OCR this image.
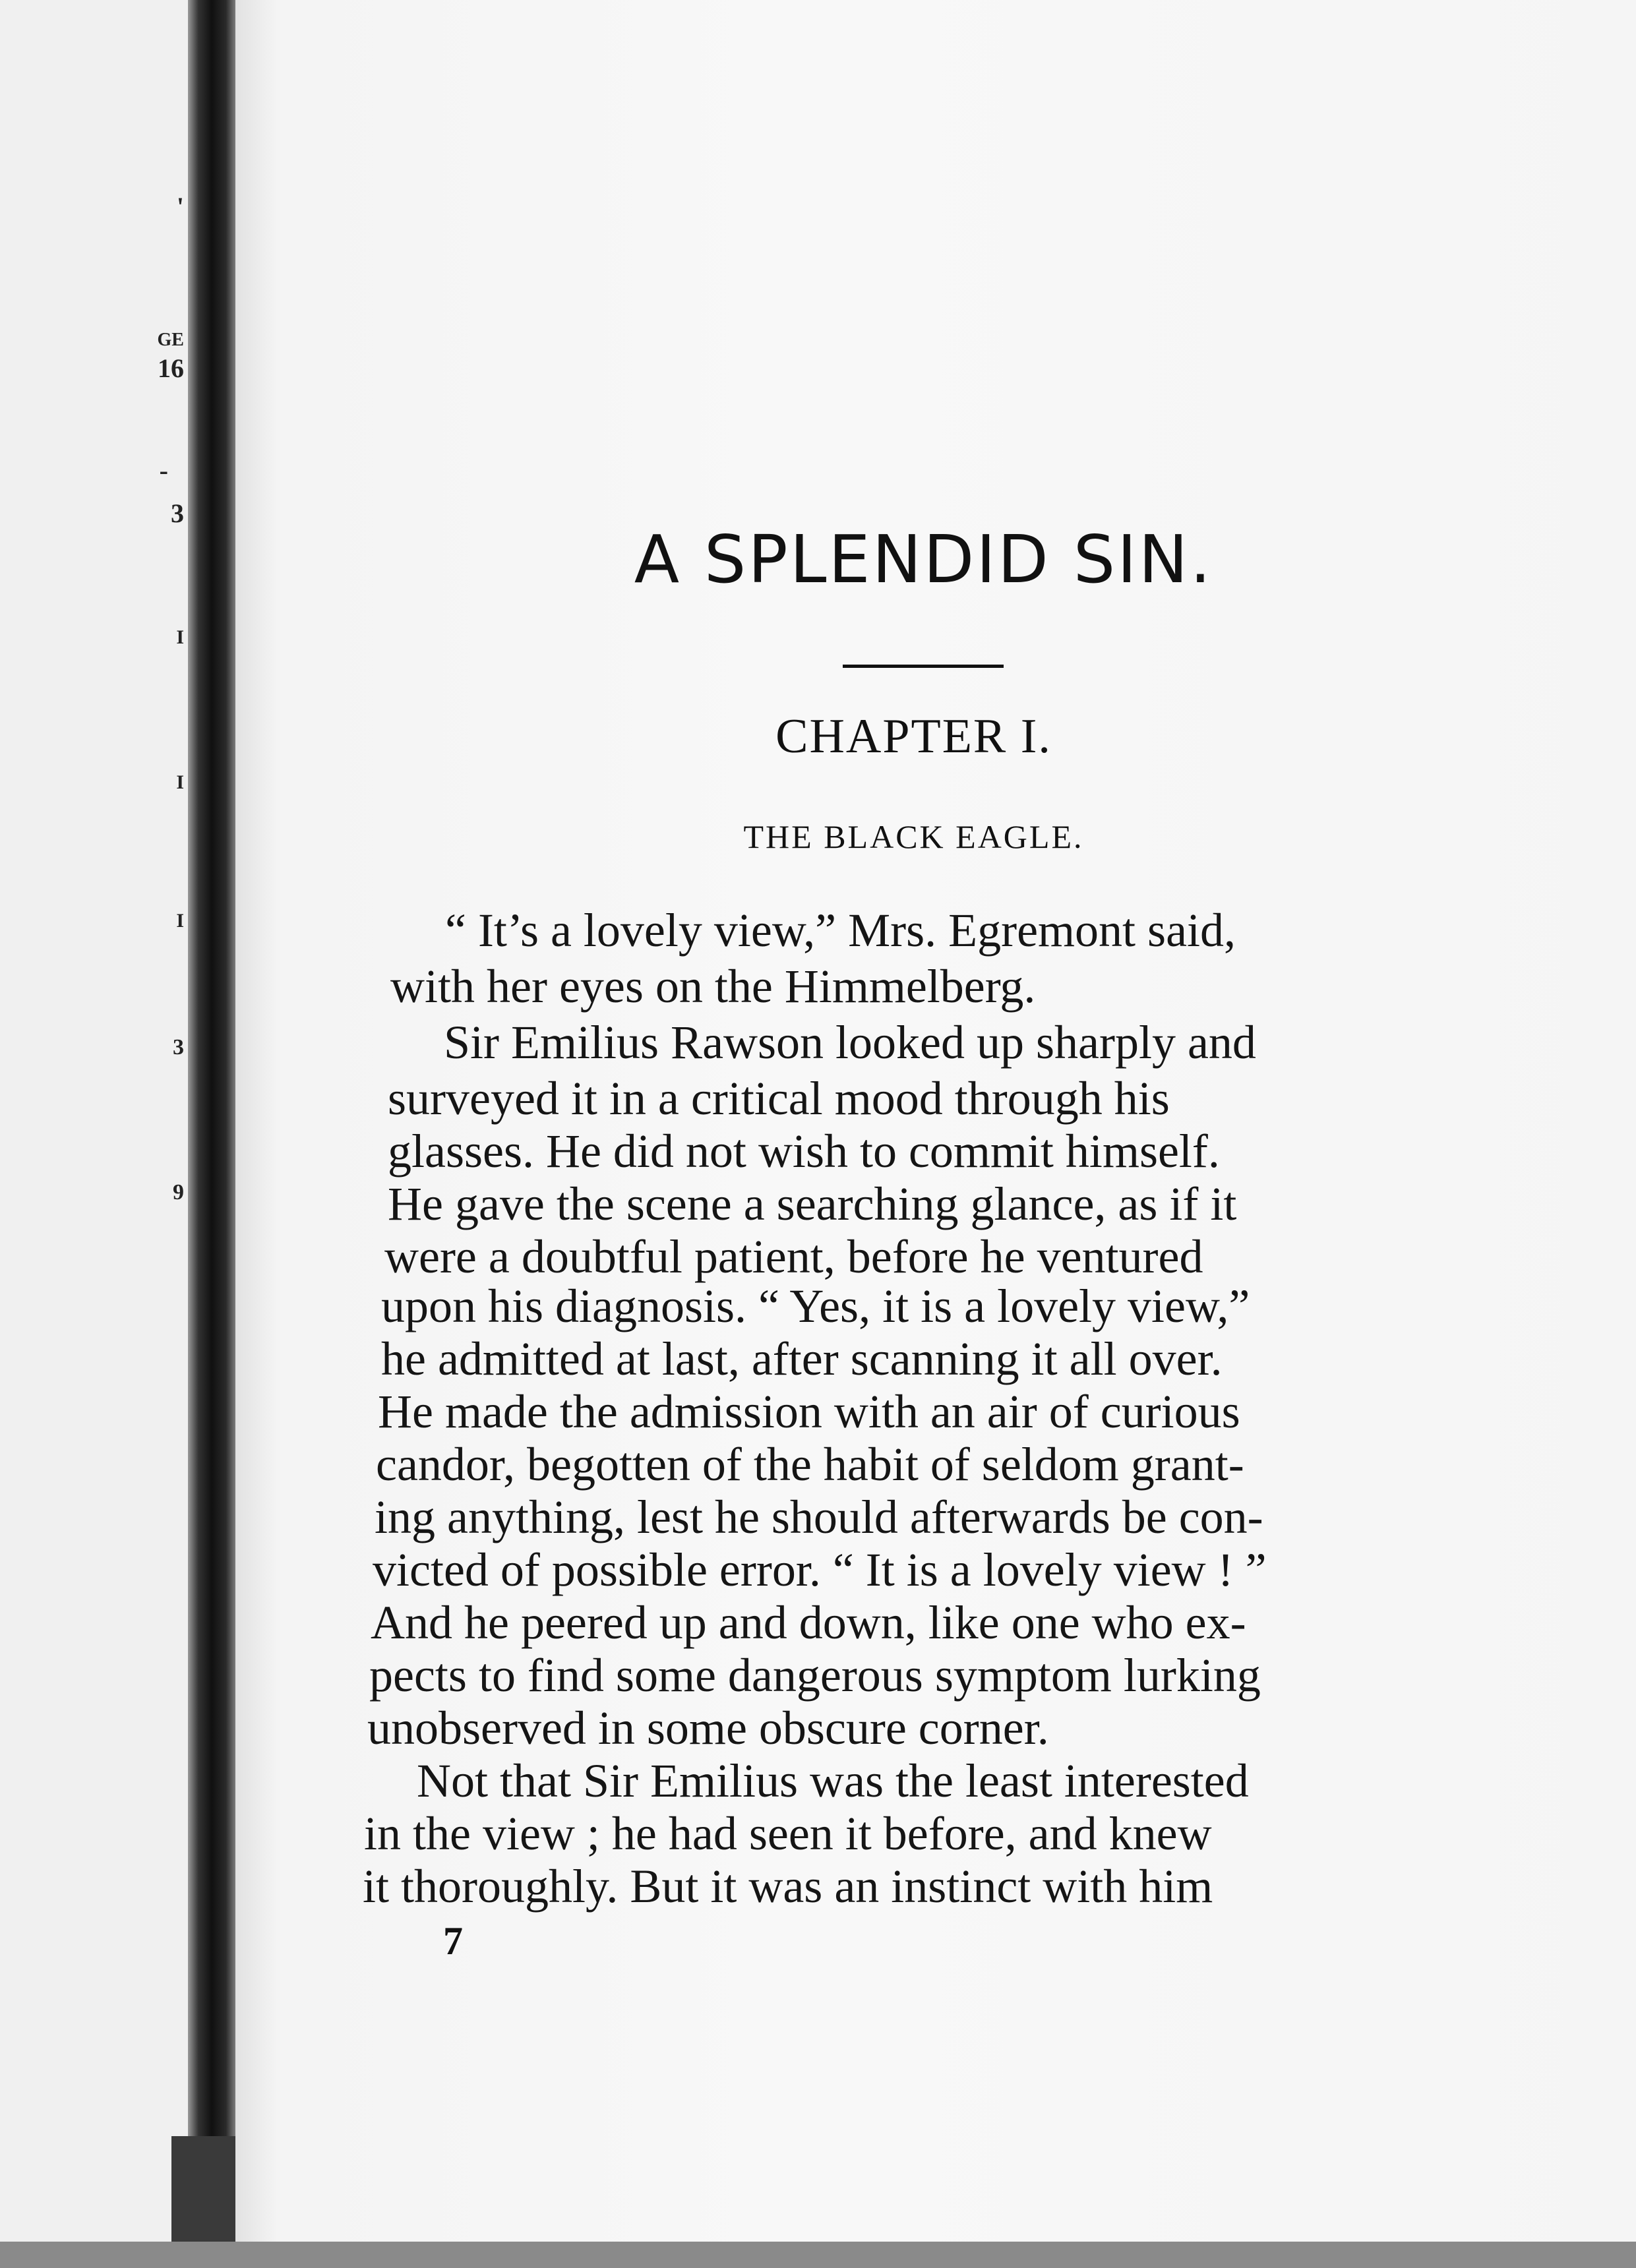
'
GE
16
-
3
I
I
I
3
9
A SPLENDID SIN.
CHAPTER I.
THE BLACK EAGLE.
“ It’s a lovely view,” Mrs. Egremont said,
with her eyes on the Himmelberg.
Sir Emilius Rawson looked up sharply and
surveyed it in a critical mood through his
glasses. He did not wish to commit himself.
He gave the scene a searching glance, as if it
were a doubtful patient, before he ventured
upon his diagnosis. “ Yes, it is a lovely view,”
he admitted at last, after scanning it all over.
He made the admission with an air of curious
candor, begotten of the habit of seldom grant-
ing anything, lest he should afterwards be con-
victed of possible error. “ It is a lovely view ! ”
And he peered up and down, like one who ex-
pects to find some dangerous symptom lurking
unobserved in some obscure corner.
Not that Sir Emilius was the least interested
in the view ; he had seen it before, and knew
it thoroughly. But it was an instinct with him
7
